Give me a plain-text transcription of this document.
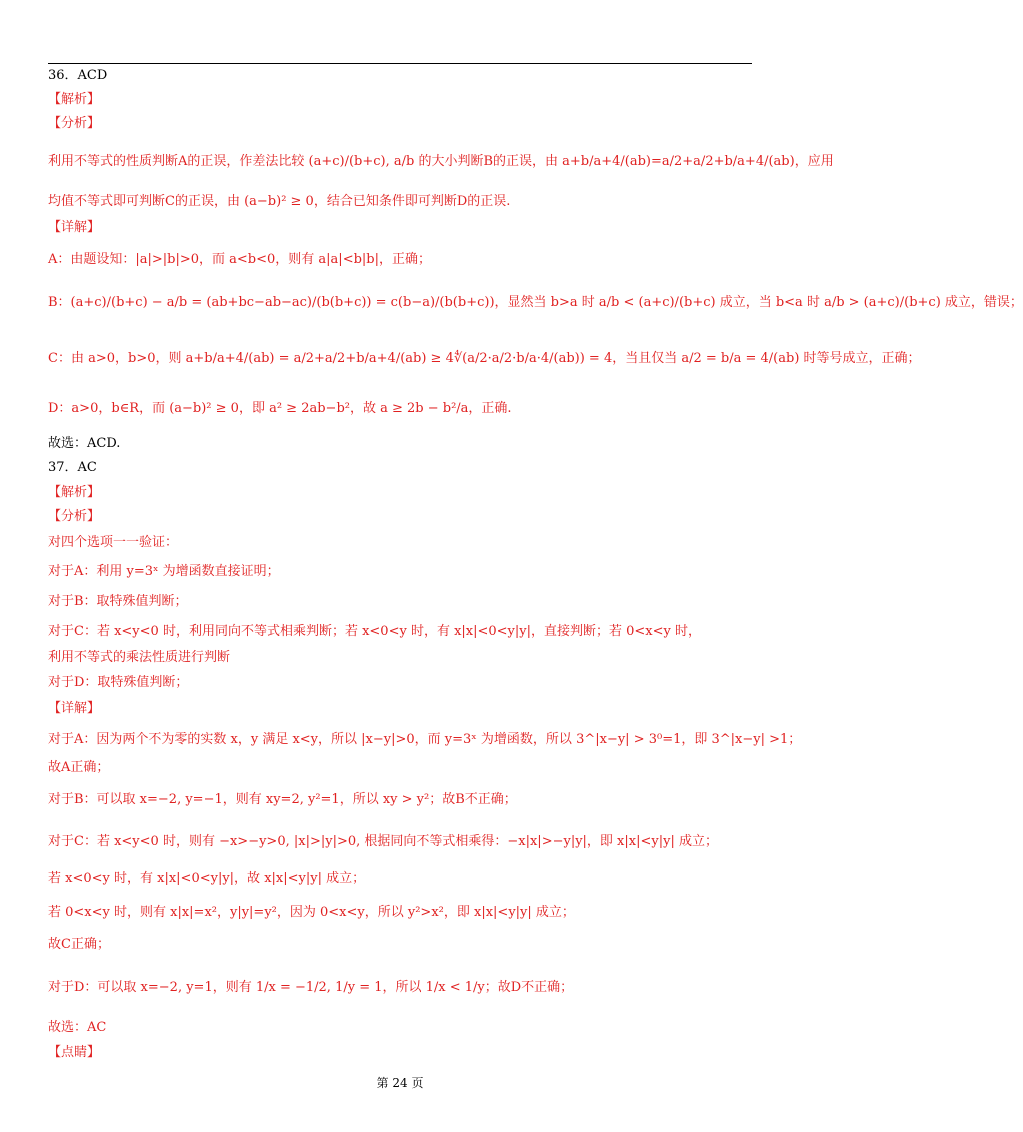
36．ACD
【解析】
【分析】
利用不等式的性质判断A的正误，作差法比较 (a+c)/(b+c), a/b 的大小判断B的正误，由 a+b/a+4/(ab)=a/2+a/2+b/a+4/(ab)，应用
均值不等式即可判断C的正误，由 (a−b)² ≥ 0，结合已知条件即可判断D的正误.
【详解】
A：由题设知：|a|>|b|>0，而 a<b<0，则有 a|a|<b|b|，正确；
B：(a+c)/(b+c) − a/b = (ab+bc−ab−ac)/(b(b+c)) = c(b−a)/(b(b+c))，显然当 b>a 时 a/b < (a+c)/(b+c) 成立，当 b<a 时 a/b > (a+c)/(b+c) 成立，错误；
C：由 a>0，b>0，则 a+b/a+4/(ab) = a/2+a/2+b/a+4/(ab) ≥ 4∜(a/2·a/2·b/a·4/(ab)) = 4，当且仅当 a/2 = b/a = 4/(ab) 时等号成立，正确；
D：a>0，b∈R，而 (a−b)² ≥ 0，即 a² ≥ 2ab−b²，故 a ≥ 2b − b²/a，正确.
故选：ACD.
37．AC
【解析】
【分析】
对四个选项一一验证：
对于A：利用 y=3ˣ 为增函数直接证明；
对于B：取特殊值判断；
对于C：若 x<y<0 时，利用同向不等式相乘判断；若 x<0<y 时，有 x|x|<0<y|y|，直接判断；若 0<x<y 时，
利用不等式的乘法性质进行判断
对于D：取特殊值判断；
【详解】
对于A：因为两个不为零的实数 x，y 满足 x<y，所以 |x−y|>0，而 y=3ˣ 为增函数，所以 3^|x−y| > 3⁰=1，即 3^|x−y| >1；
故A正确；
对于B：可以取 x=−2, y=−1，则有 xy=2, y²=1，所以 xy > y²；故B不正确；
对于C：若 x<y<0 时，则有 −x>−y>0, |x|>|y|>0, 根据同向不等式相乘得：−x|x|>−y|y|，即 x|x|<y|y| 成立；
若 x<0<y 时，有 x|x|<0<y|y|，故 x|x|<y|y| 成立；
若 0<x<y 时，则有 x|x|=x²，y|y|=y²，因为 0<x<y，所以 y²>x²，即 x|x|<y|y| 成立；
故C正确；
对于D：可以取 x=−2, y=1，则有 1/x = −1/2, 1/y = 1，所以 1/x < 1/y；故D不正确；
故选：AC
【点睛】
第 24 页
